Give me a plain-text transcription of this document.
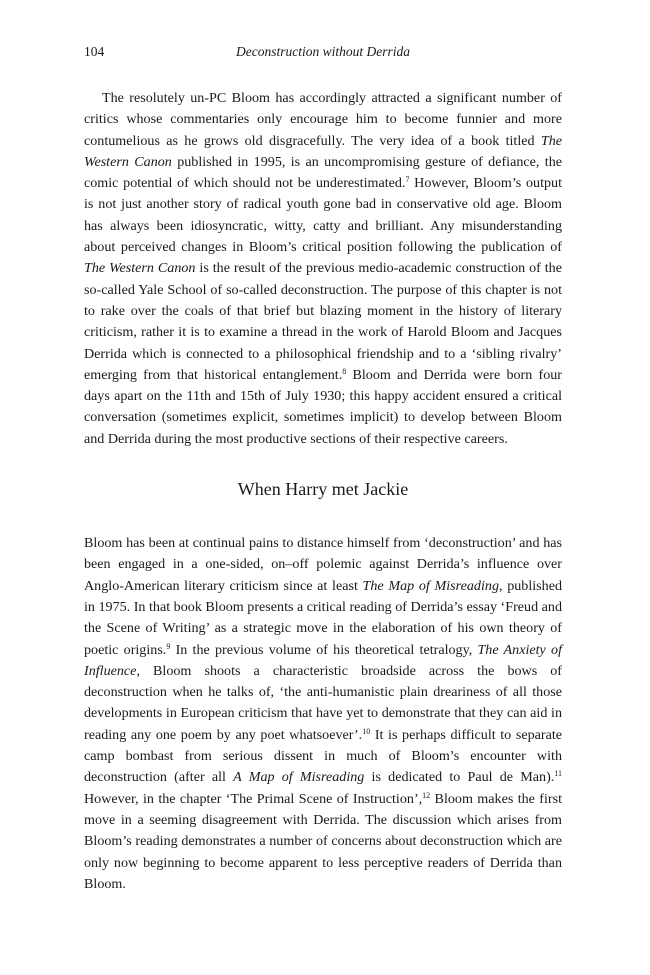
104	Deconstruction without Derrida

The resolutely un-PC Bloom has accordingly attracted a significant number of critics whose commentaries only encourage him to become funnier and more contumelious as he grows old disgracefully. The very idea of a book titled The Western Canon published in 1995, is an uncompromising gesture of defiance, the comic potential of which should not be underestimated.$^7$ However, Bloom’s output is not just another story of radical youth gone bad in conservative old age. Bloom has always been idiosyncratic, witty, catty and brilliant. Any misunderstanding about perceived changes in Bloom’s critical position following the publication of The Western Canon is the result of the previous medio-academic construction of the so-called Yale School of so-called deconstruction. The purpose of this chapter is not to rake over the coals of that brief but blazing moment in the history of literary criticism, rather it is to examine a thread in the work of Harold Bloom and Jacques Derrida which is connected to a philosophical friendship and to a ‘sibling rivalry’ emerging from that historical entanglement.$^8$ Bloom and Derrida were born four days apart on the 11th and 15th of July 1930; this happy accident ensured a critical conversation (sometimes explicit, sometimes implicit) to develop between Bloom and Derrida during the most productive sections of their respective careers.

When Harry met Jackie

Bloom has been at continual pains to distance himself from ‘deconstruction’ and has been engaged in a one-sided, on–off polemic against Derrida’s influence over Anglo-American literary criticism since at least The Map of Misreading, published in 1975. In that book Bloom presents a critical reading of Derrida’s essay ‘Freud and the Scene of Writing’ as a strategic move in the elaboration of his own theory of poetic origins.$^9$ In the previous volume of his theoretical tetralogy, The Anxiety of Influence, Bloom shoots a characteristic broadside across the bows of deconstruction when he talks of, ‘the anti-humanistic plain dreariness of all those developments in European criticism that have yet to demonstrate that they can aid in reading any one poem by any poet whatsoever’.$^{10}$ It is perhaps difficult to separate camp bombast from serious dissent in much of Bloom’s encounter with deconstruction (after all A Map of Misreading is dedicated to Paul de Man).$^{11}$ However, in the chapter ‘The Primal Scene of Instruction’,$^{12}$ Bloom makes the first move in a seeming disagreement with Derrida. The discussion which arises from Bloom’s reading demonstrates a number of concerns about deconstruction which are only now beginning to become apparent to less perceptive readers of Derrida than Bloom.
